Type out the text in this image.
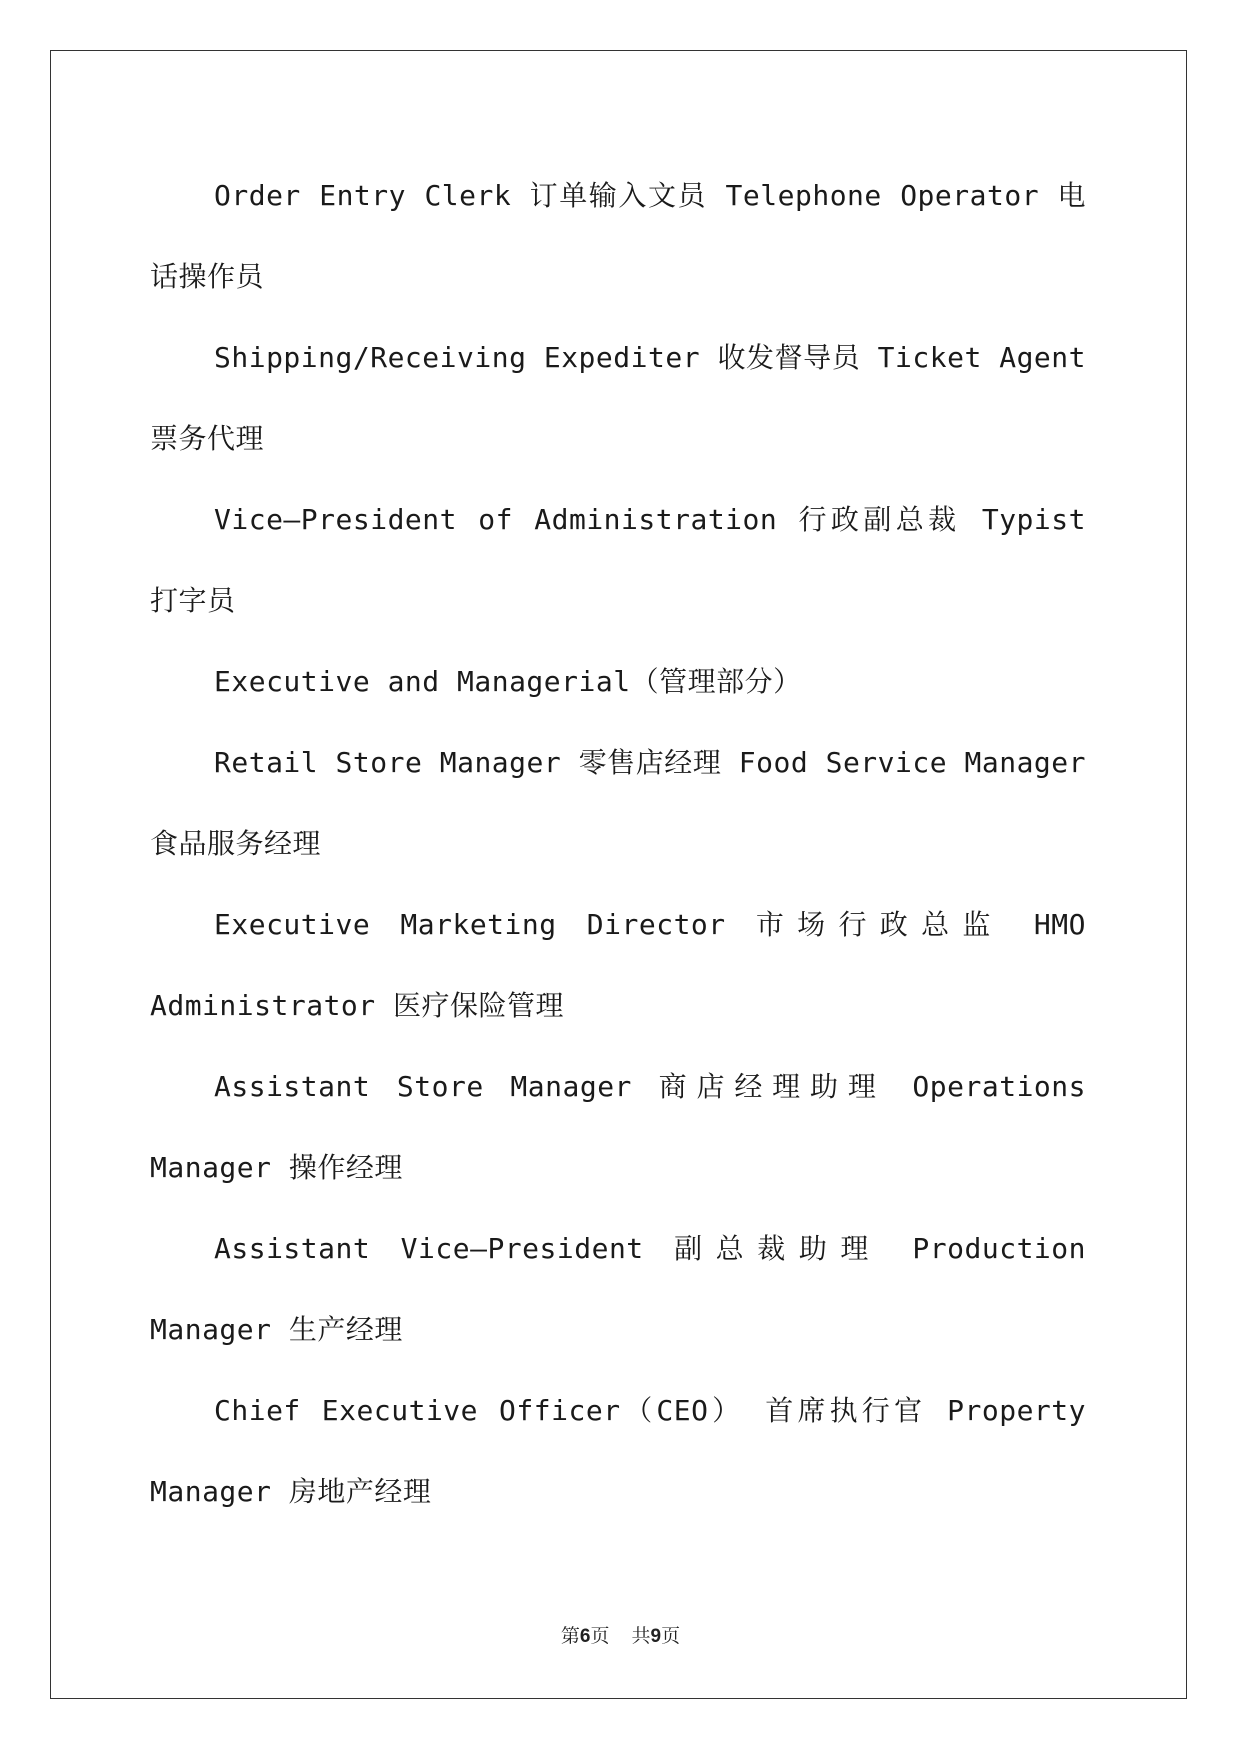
Order Entry Clerk 订单输入文员 Telephone Operator 电话操作员

Shipping/Receiving Expediter 收发督导员 Ticket Agent 票务代理

Vice—President of Administration 行政副总裁 Typist 打字员

Executive and Managerial（管理部分）

Retail Store Manager 零售店经理 Food Service Manager 食品服务经理

Executive Marketing Director 市场行政总监 HMO Administrator 医疗保险管理

Assistant Store Manager 商店经理助理 Operations Manager 操作经理

Assistant Vice—President 副总裁助理 Production Manager 生产经理

Chief Executive Officer（CEO） 首席执行官 Property Manager 房地产经理

第6页 共9页
